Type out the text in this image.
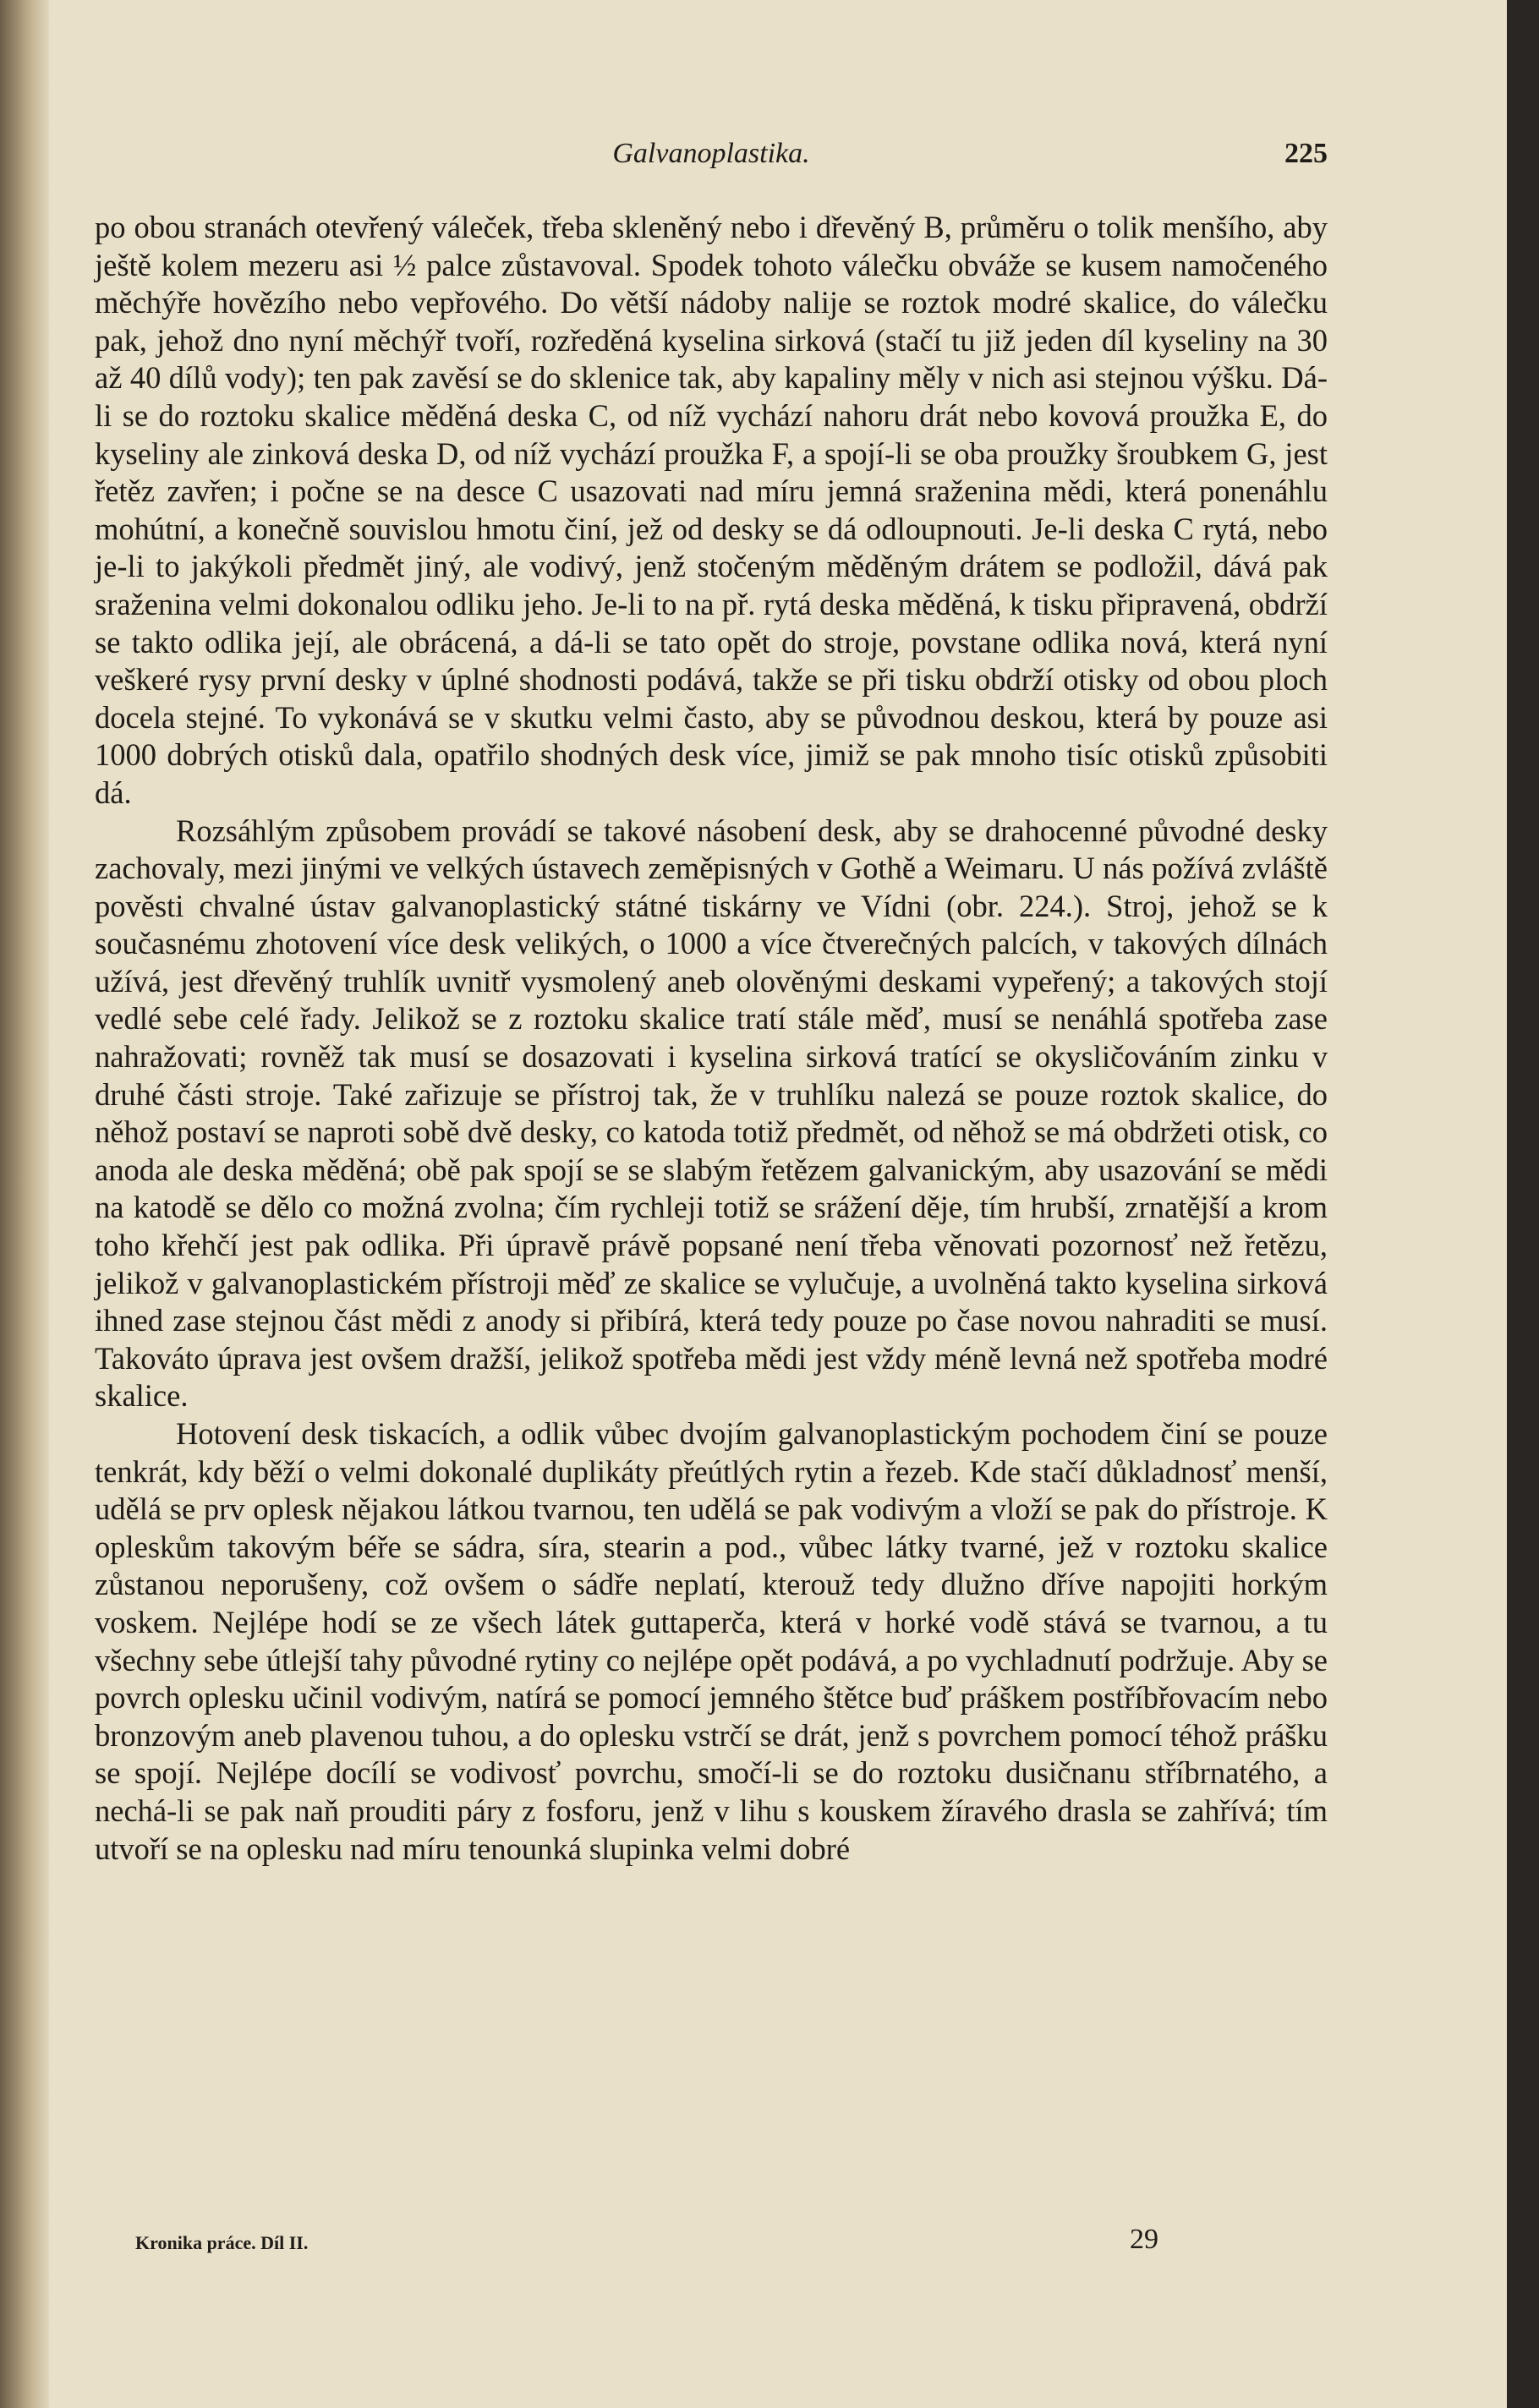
Galvanoplastika.	225

po obou stranách otevřený váleček, třeba skleněný nebo i dřevěný B, průměru o tolik menšího, aby ještě kolem mezeru asi ½ palce zůstavoval. Spodek tohoto válečku obváže se kusem namočeného měchýře hovězího nebo vepřového. Do větší nádoby nalije se roztok modré skalice, do válečku pak, jehož dno nyní měchýř tvoří, rozředěná kyselina sirková (stačí tu již jeden díl kyseliny na 30 až 40 dílů vody); ten pak zavěsí se do sklenice tak, aby kapaliny měly v nich asi stejnou výšku. Dá-li se do roztoku skalice měděná deska C, od níž vychází nahoru drát nebo kovová proužka E, do kyseliny ale zinková deska D, od níž vychází proužka F, a spojí-li se oba proužky šroubkem G, jest řetěz zavřen; i počne se na desce C usazovati nad míru jemná sraženina mědi, která ponenáhlu mohútní, a konečně souvislou hmotu činí, jež od desky se dá odloupnouti. Je-li deska C rytá, nebo je-li to jakýkoli předmět jiný, ale vodivý, jenž stočeným měděným drátem se podložil, dává pak sraženina velmi dokonalou odliku jeho. Je-li to na př. rytá deska měděná, k tisku připravená, obdrží se takto odlika její, ale obrácená, a dá-li se tato opět do stroje, povstane odlika nová, která nyní veškeré rysy první desky v úplné shodnosti podává, takže se při tisku obdrží otisky od obou ploch docela stejné. To vykonává se v skutku velmi často, aby se původnou deskou, která by pouze asi 1000 dobrých otisků dala, opatřilo shodných desk více, jimiž se pak mnoho tisíc otisků způsobiti dá.

Rozsáhlým způsobem provádí se takové násobení desk, aby se drahocenné původné desky zachovaly, mezi jinými ve velkých ústavech zeměpisných v Gothě a Weimaru. U nás požívá zvláště pověsti chvalné ústav galvanoplastický státné tiskárny ve Vídni (obr. 224.). Stroj, jehož se k současnému zhotovení více desk velikých, o 1000 a více čtverečných palcích, v takových dílnách užívá, jest dřevěný truhlík uvnitř vysmolený aneb olověnými deskami vypeřený; a takových stojí vedlé sebe celé řady. Jelikož se z roztoku skalice tratí stále měď, musí se nenáhlá spotřeba zase nahražovati; rovněž tak musí se dosazovati i kyselina sirková tratící se okysličováním zinku v druhé části stroje. Také zařizuje se přístroj tak, že v truhlíku nalezá se pouze roztok skalice, do něhož postaví se naproti sobě dvě desky, co katoda totiž předmět, od něhož se má obdržeti otisk, co anoda ale deska měděná; obě pak spojí se se slabým řetězem galvanickým, aby usazování se mědi na katodě se dělo co možná zvolna; čím rychleji totiž se srážení děje, tím hrubší, zrnatější a krom toho křehčí jest pak odlika. Při úpravě právě popsané není třeba věnovati pozornosť než řetězu, jelikož v galvanoplastickém přístroji měď ze skalice se vylučuje, a uvolněná takto kyselina sirková ihned zase stejnou část mědi z anody si přibírá, která tedy pouze po čase novou nahraditi se musí. Takováto úprava jest ovšem dražší, jelikož spotřeba mědi jest vždy méně levná než spotřeba modré skalice.

Hotovení desk tiskacích, a odlik vůbec dvojím galvanoplastickým pochodem činí se pouze tenkrát, kdy běží o velmi dokonalé duplikáty přeútlých rytin a řezeb. Kde stačí důkladnosť menší, udělá se prv oplesk nějakou látkou tvarnou, ten udělá se pak vodivým a vloží se pak do přístroje. K opleskům takovým béře se sádra, síra, stearin a pod., vůbec látky tvarné, jež v roztoku skalice zůstanou neporušeny, což ovšem o sádře neplatí, kterouž tedy dlužno dříve napojiti horkým voskem. Nejlépe hodí se ze všech látek guttaperča, která v horké vodě stává se tvarnou, a tu všechny sebe útlejší tahy původné rytiny co nejlépe opět podává, a po vychladnutí podržuje. Aby se povrch oplesku učinil vodivým, natírá se pomocí jemného štětce buď práškem postříbřovacím nebo bronzovým aneb plavenou tuhou, a do oplesku vstrčí se drát, jenž s povrchem pomocí téhož prášku se spojí. Nejlépe docílí se vodivosť povrchu, smočí-li se do roztoku dusičnanu stříbrnatého, a nechá-li se pak naň prouditi páry z fosforu, jenž v lihu s kouskem žíravého drasla se zahřívá; tím utvoří se na oplesku nad míru tenounká slupinka velmi dobré

Kronika práce. Díl II.	29
